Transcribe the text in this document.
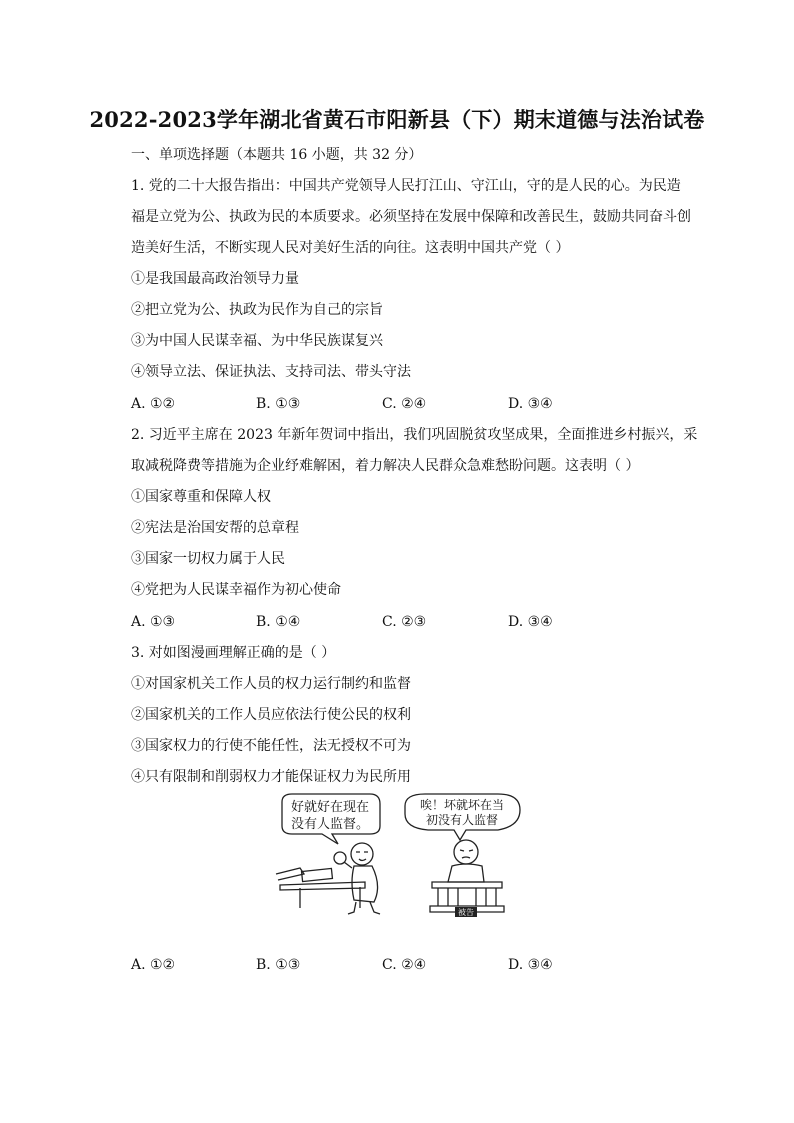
2022-2023学年湖北省黄石市阳新县（下）期末道德与法治试卷
一、单项选择题（本题共 16 小题，共 32 分）
1. 党的二十大报告指出：中国共产党领导人民打江山、守江山，守的是人民的心。为民造
福是立党为公、执政为民的本质要求。必须坚持在发展中保障和改善民生，鼓励共同奋斗创
造美好生活，不断实现人民对美好生活的向往。这表明中国共产党（ ）
①是我国最高政治领导力量
②把立党为公、执政为民作为自己的宗旨
③为中国人民谋幸福、为中华民族谋复兴
④领导立法、保证执法、支持司法、带头守法
A. ①②	B. ①③	C. ②④	D. ③④
2. 习近平主席在 2023 年新年贺词中指出，我们巩固脱贫攻坚成果，全面推进乡村振兴，采
取减税降费等措施为企业纾难解困，着力解决人民群众急难愁盼问题。这表明（ ）
①国家尊重和保障人权
②宪法是治国安帮的总章程
③国家一切权力属于人民
④党把为人民谋幸福作为初心使命
A. ①③	B. ①④	C. ②③	D. ③④
3. 对如图漫画理解正确的是（ ）
①对国家机关工作人员的权力运行制约和监督
②国家机关的工作人员应依法行使公民的权利
③国家权力的行使不能任性，法无授权不可为
④只有限制和削弱权力才能保证权力为民所用
好就好在现在
没有人监督。
唉！坏就坏在当
初没有人监督
被告
A. ①②	B. ①③	C. ②④	D. ③④
